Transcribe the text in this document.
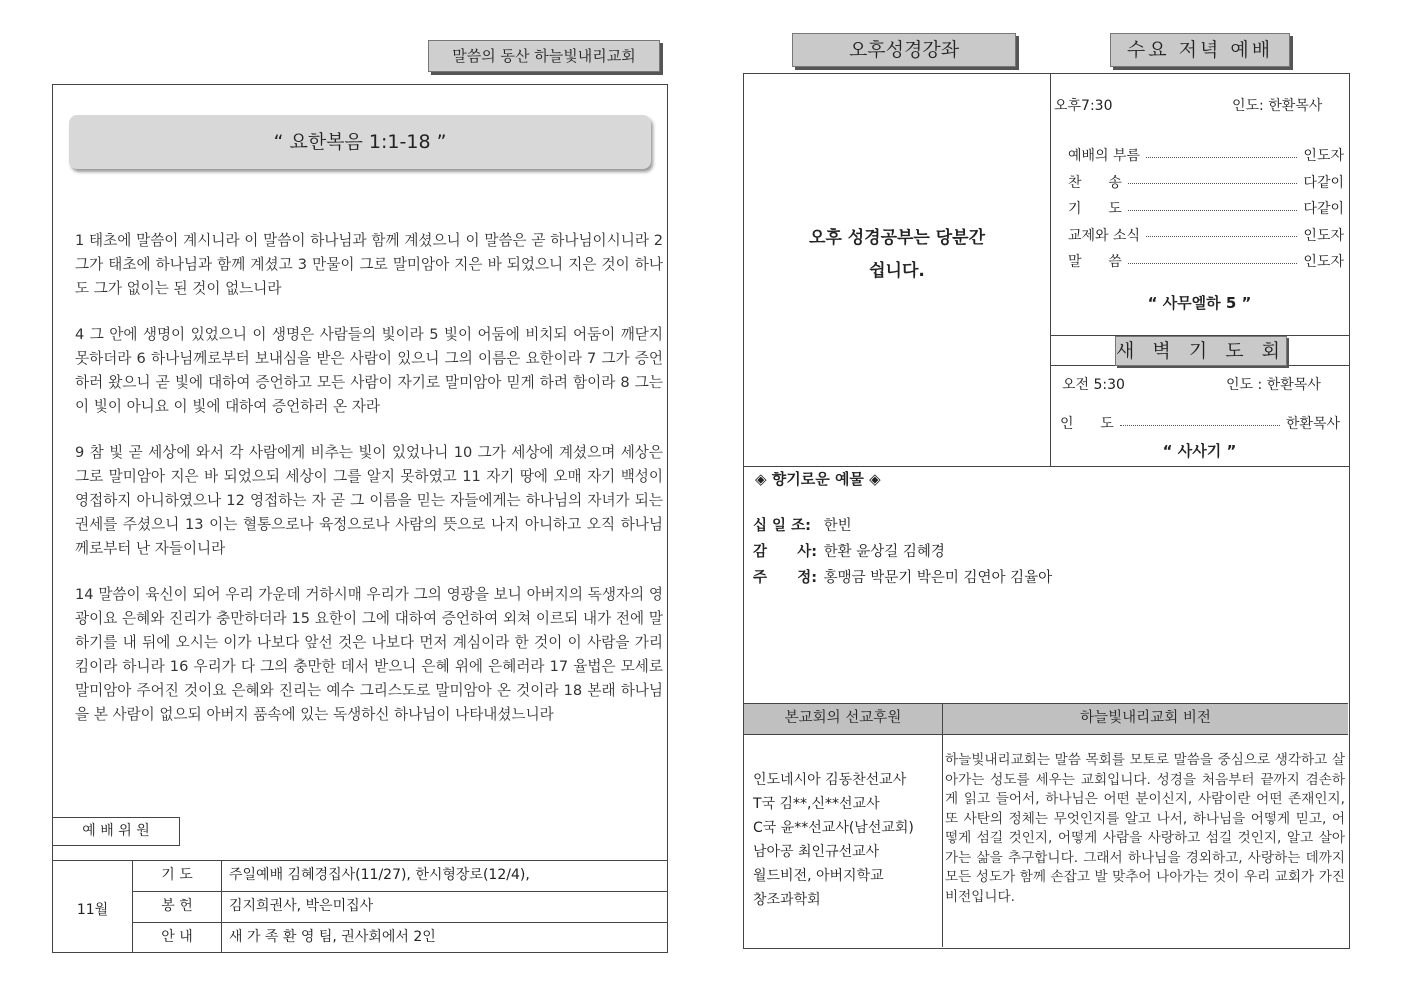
말씀의 동산 하늘빛내리교회
“ 요한복음 1:1-18 ”

1 태초에 말씀이 계시니라 이 말씀이 하나님과 함께 계셨으니 이 말씀은 곧 하나님이시니라 2 그가 태초에 하나님과 함께 계셨고 3 만물이 그로 말미암아 지은 바 되었으니 지은 것이 하나도 그가 없이는 된 것이 없느니라

4 그 안에 생명이 있었으니 이 생명은 사람들의 빛이라 5 빛이 어둠에 비치되 어둠이 깨닫지 못하더라 6 하나님께로부터 보내심을 받은 사람이 있으니 그의 이름은 요한이라 7 그가 증언하러 왔으니 곧 빛에 대하여 증언하고 모든 사람이 자기로 말미암아 믿게 하려 함이라 8 그는 이 빛이 아니요 이 빛에 대하여 증언하러 온 자라

9 참 빛 곧 세상에 와서 각 사람에게 비추는 빛이 있었나니 10 그가 세상에 계셨으며 세상은 그로 말미암아 지은 바 되었으되 세상이 그를 알지 못하였고 11 자기 땅에 오매 자기 백성이 영접하지 아니하였으나 12 영접하는 자 곧 그 이름을 믿는 자들에게는 하나님의 자녀가 되는 권세를 주셨으니 13 이는 혈통으로나 육정으로나 사람의 뜻으로 나지 아니하고 오직 하나님께로부터 난 자들이니라

14 말씀이 육신이 되어 우리 가운데 거하시매 우리가 그의 영광을 보니 아버지의 독생자의 영광이요 은혜와 진리가 충만하더라 15 요한이 그에 대하여 증언하여 외쳐 이르되 내가 전에 말하기를 내 뒤에 오시는 이가 나보다 앞선 것은 나보다 먼저 계심이라 한 것이 이 사람을 가리킴이라 하니라 16 우리가 다 그의 충만한 데서 받으니 은혜 위에 은혜러라 17 율법은 모세로 말미암아 주어진 것이요 은혜와 진리는 예수 그리스도로 말미암아 온 것이라 18 본래 하나님을 본 사람이 없으되 아버지 품속에 있는 독생하신 하나님이 나타내셨느니라

예 배 위 원
11월
기 도	주일예배 김혜경집사(11/27), 한시형장로(12/4),
봉 헌	김지희권사, 박은미집사
안 내	새 가 족 환 영 팀, 권사회에서 2인
오후성경강좌	수요 저녁 예배
오후 성경공부는 당분간
쉽니다.
오후7:30	인도: 한환목사
예배의 부름	인도자
찬      송	다같이
기      도	다같이
교제와 소식	인도자
말      씀	인도자
“ 사무엘하 5 ”
새 벽 기 도 회
오전 5:30	인도 : 한환목사
인      도	한환목사
“ 사사기 ”
◈ 향기로운 예물 ◈
십 일 조: 한빈
감      사: 한환 윤상길 김혜경
주      정: 홍맹금 박문기 박은미 김연아 김율아
본교회의 선교후원	하늘빛내리교회 비전
인도네시아 김동찬선교사
T국 김**,신**선교사
C국 윤**선교사(남선교회)
남아공 최인규선교사
월드비전, 아버지학교
창조과학회
하늘빛내리교회는 말씀 목회를 모토로 말씀을 중심으로 생각하고 살아가는 성도를 세우는 교회입니다. 성경을 처음부터 끝까지 겸손하게 읽고 들어서, 하나님은 어떤 분이신지, 사람이란 어떤 존재인지, 또 사탄의 정체는 무엇인지를 알고 나서, 하나님을 어떻게 믿고, 어떻게 섬길 것인지, 어떻게 사람을 사랑하고 섬길 것인지, 알고 살아가는 삶을 추구합니다. 그래서 하나님을 경외하고, 사랑하는 데까지 모든 성도가 함께 손잡고 발 맞추어 나아가는 것이 우리 교회가 가진 비전입니다.
